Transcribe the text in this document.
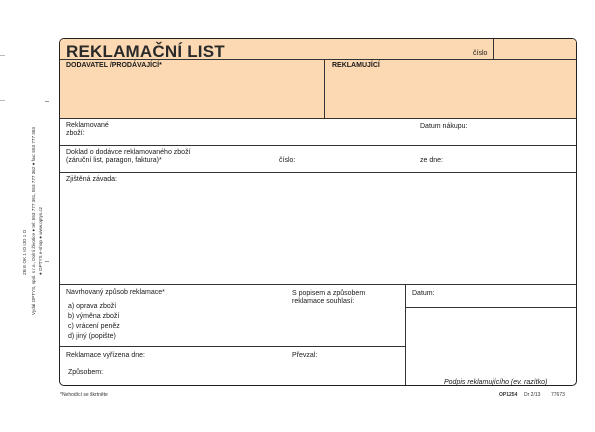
ZB E OK 1 IO IJO 1 O Vydal OPTYS, spol. s r.o., Dolní Životice ● tel: 553 777 361, 553 777 362 ● fax: 553 777 363 ● OPTYS e-shop ● www.optys.cz
REKLAMAČNÍ LIST	číslo
DODAVATEL /PRODÁVAJÍCÍ*	REKLAMUJÍCÍ
Reklamované
zboží:
Datum nákupu:
Doklad o dodávce reklamovaného zboží
(záruční list, paragon, faktura)*	číslo:	ze dne:
Zjištěná závada:
Navrhovaný způsob reklamace*
a) oprava zboží
b) výměna zboží
c) vrácení peněz
d) jiný (popište)
S popisem a způsobem
reklamace souhlasí:
Datum:
Podpis reklamujícího (ev. razítko)
Reklamace vyřízena dne:	Převzal:
Způsobem:
*Nehodící se škrtněte	OP1254 Dr 2/13 77673
